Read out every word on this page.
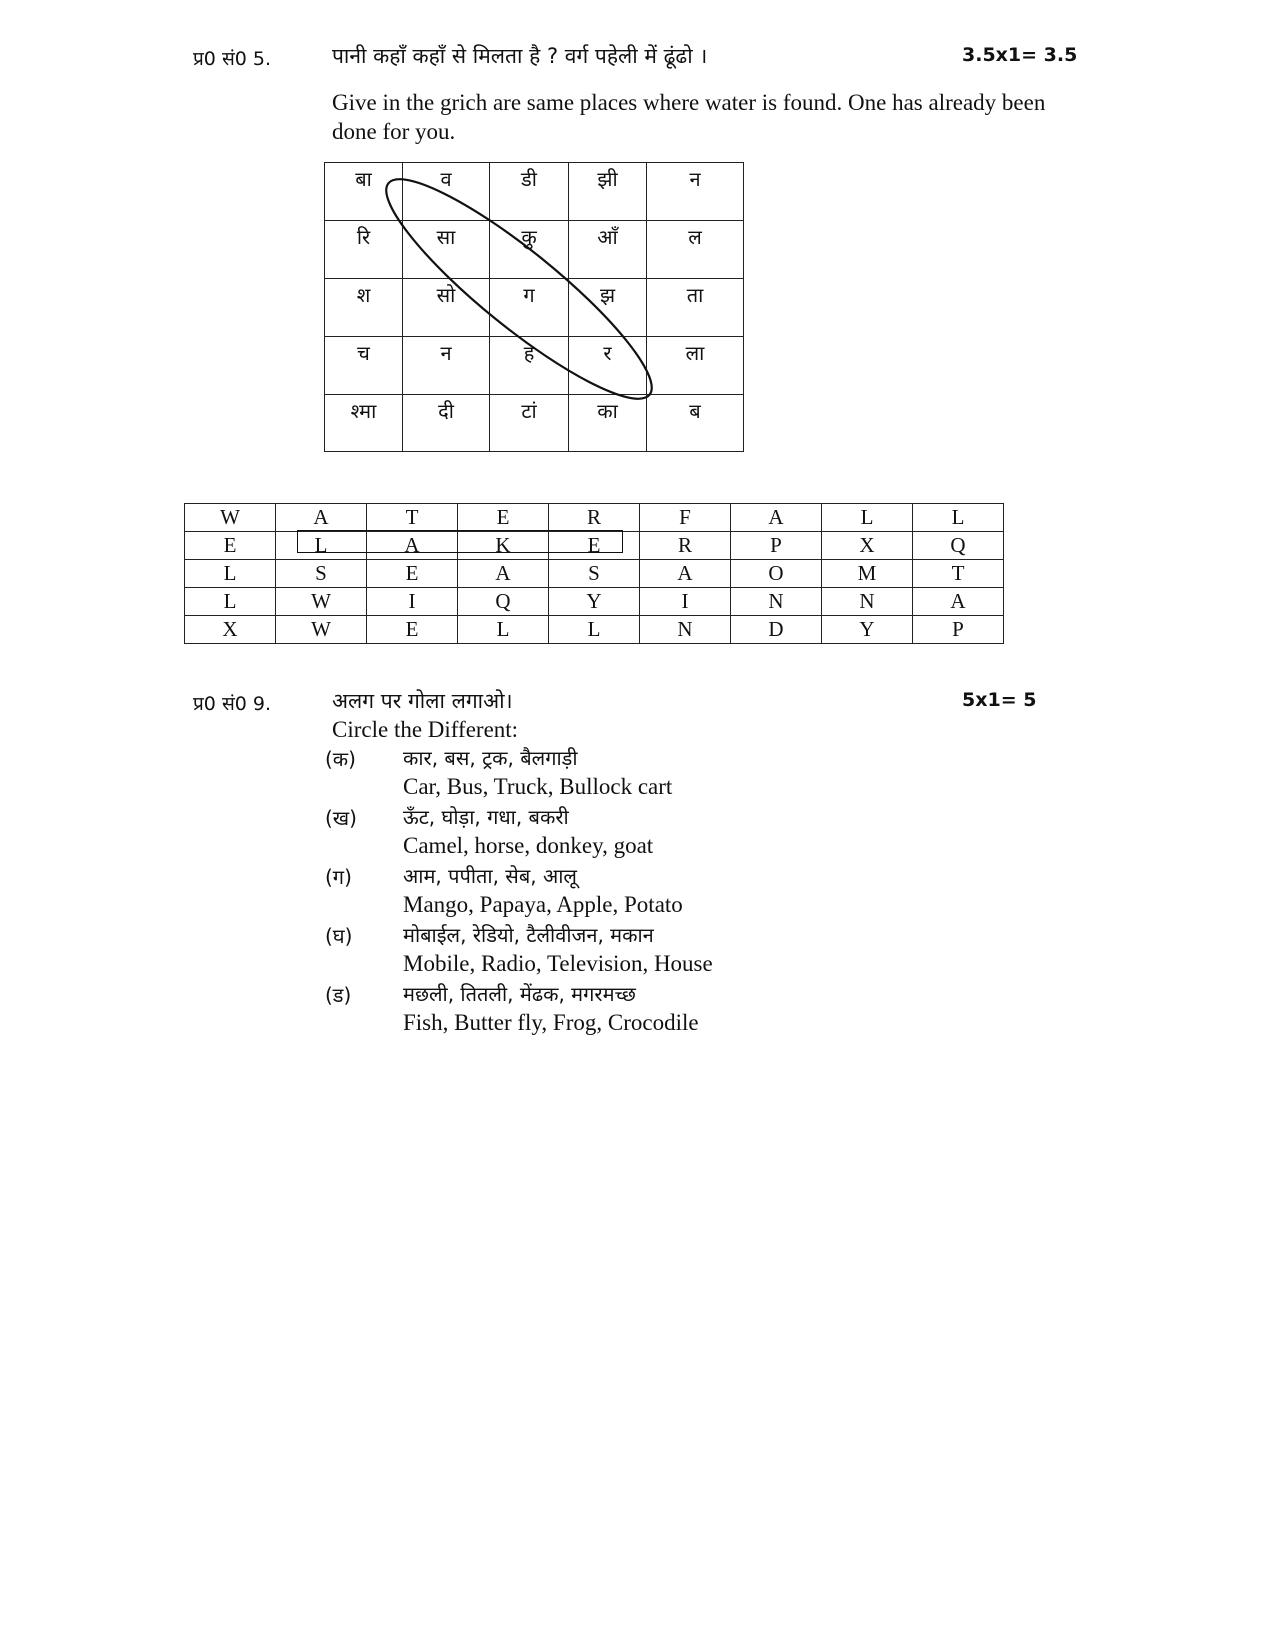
प्र0 सं0 5.	पानी कहाँ कहाँ से मिलता है ? वर्ग पहेली में ढूंढो ।	3.5x1= 3.5
Give in the grich are same places where water is found. One has already been done for you.
बा	व	डी	झी	न
रि	सा	कु	आँ	ल
श	सो	ग	झ	ता
च	न	ह	र	ला
श्मा	दी	टां	का	ब
W	A	T	E	R	F	A	L	L
E	L	A	K	E	R	P	X	Q
L	S	E	A	S	A	O	M	T
L	W	I	Q	Y	I	N	N	A
X	W	E	L	L	N	D	Y	P
प्र0 सं0 9.	अलग पर गोला लगाओ।	5x1= 5
Circle the Different:
(क) कार, बस, ट्रक, बैलगाड़ी
Car, Bus, Truck, Bullock cart
(ख) ऊँट, घोड़ा, गधा, बकरी
Camel, horse, donkey, goat
(ग)	आम, पपीता, सेब, आलू
Mango, Papaya, Apple, Potato
(घ)	मोबाईल, रेडियो, टैलीवीजन, मकान
Mobile, Radio, Television, House
(ड)	मछली, तितली, मेंढक, मगरमच्छ
Fish, Butter fly, Frog, Crocodile
